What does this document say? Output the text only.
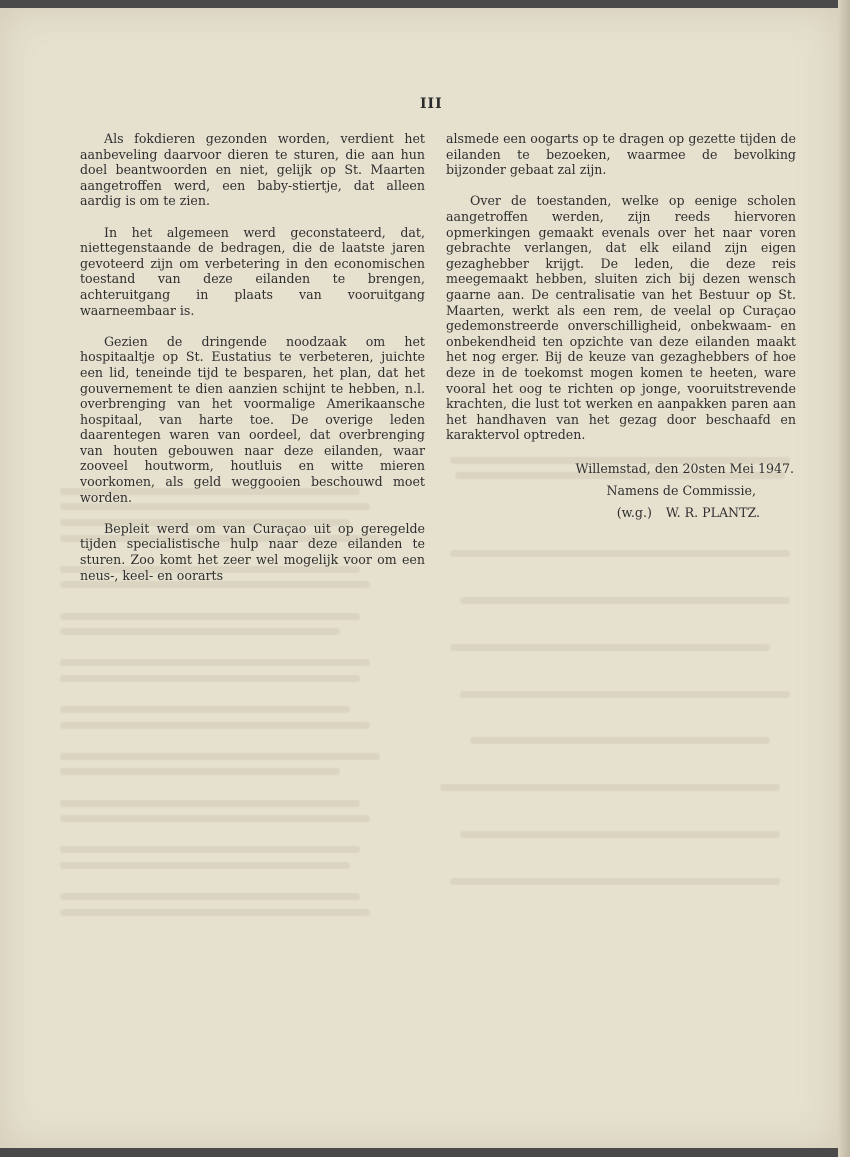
III

Als fokdieren gezonden worden, verdient het aanbeveling daarvoor dieren te sturen, die aan hun doel beantwoorden en niet, gelijk op St. Maarten aangetroffen werd, een baby-stiertje, dat alleen aardig is om te zien.

In het algemeen werd geconstateerd, dat, niettegenstaande de bedragen, die de laatste jaren gevoteerd zijn om verbetering in den economischen toestand van deze eilanden te brengen, achteruitgang in plaats van vooruitgang waarneembaar is.

Gezien de dringende noodzaak om het hospitaaltje op St. Eustatius te verbeteren, juichte een lid, teneinde tijd te besparen, het plan, dat het gouvernement te dien aanzien schijnt te hebben, n.l. overbrenging van het voormalige Amerikaansche hospitaal, van harte toe. De overige leden daarentegen waren van oordeel, dat overbrenging van houten gebouwen naar deze eilanden, waar zooveel houtworm, houtluis en witte mieren voorkomen, als geld weggooien beschouwd moet worden.

Bepleit werd om van Curaçao uit op geregelde tijden specialistische hulp naar deze eilanden te sturen. Zoo komt het zeer wel mogelijk voor om een neus-, keel- en oorarts

alsmede een oogarts op te dragen op gezette tijden de eilanden te bezoeken, waarmee de bevolking bijzonder gebaat zal zijn.

Over de toestanden, welke op eenige scholen aangetroffen werden, zijn reeds hiervoren opmerkingen gemaakt evenals over het naar voren gebrachte verlangen, dat elk eiland zijn eigen gezaghebber krijgt. De leden, die deze reis meegemaakt hebben, sluiten zich bij dezen wensch gaarne aan. De centralisatie van het Bestuur op St. Maarten, werkt als een rem, de veelal op Curaçao gedemonstreerde onverschilligheid, onbekwaam- en onbekendheid ten opzichte van deze eilanden maakt het nog erger. Bij de keuze van gezaghebbers of hoe deze in de toekomst mogen komen te heeten, ware vooral het oog te richten op jonge, vooruitstrevende krachten, die lust tot werken en aanpakken paren aan het handhaven van het gezag door beschaafd en karaktervol optreden.

Willemstad, den 20sten Mei 1947.
Namens de Commissie,
(w.g.) W. R. PLANTZ.
